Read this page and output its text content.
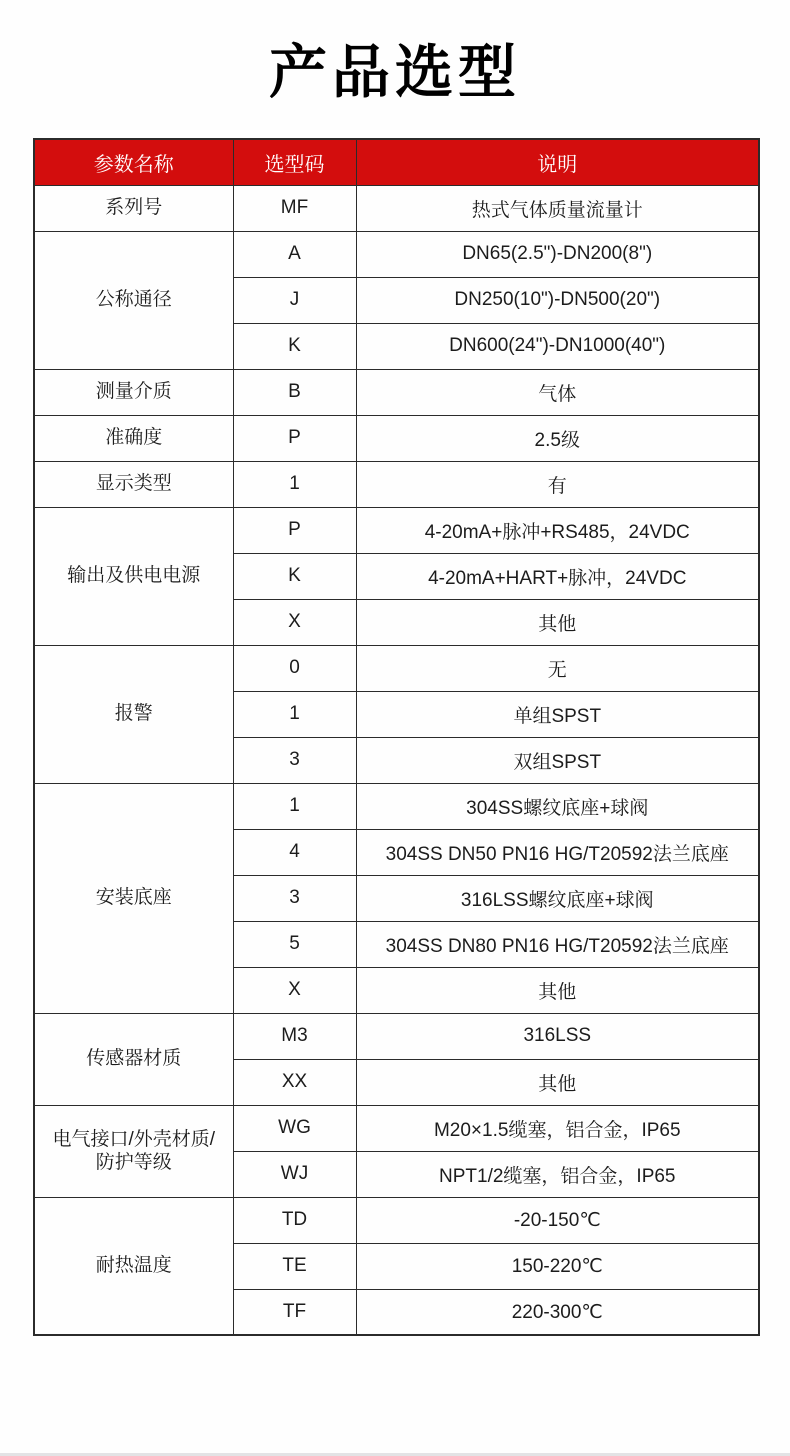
产品选型
参数名称	选型码	说明
系列号	MF	热式气体质量流量计
公称通径	A	DN65(2.5")-DN200(8")
	J	DN250(10")-DN500(20")
	K	DN600(24")-DN1000(40")
测量介质	B	气体
准确度	P	2.5级
显示类型	1	有
输出及供电电源	P	4-20mA+脉冲+RS485，24VDC
	K	4-20mA+HART+脉冲，24VDC
	X	其他
报警	0	无
	1	单组SPST
	3	双组SPST
安装底座	1	304SS螺纹底座+球阀
	4	304SS DN50 PN16 HG/T20592法兰底座
	3	316LSS螺纹底座+球阀
	5	304SS DN80 PN16 HG/T20592法兰底座
	X	其他
传感器材质	M3	316LSS
	XX	其他
电气接口/外壳材质/防护等级	WG	M20×1.5缆塞，铝合金，IP65
	WJ	NPT1/2缆塞，铝合金，IP65
耐热温度	TD	-20-150℃
	TE	150-220℃
	TF	220-300℃
